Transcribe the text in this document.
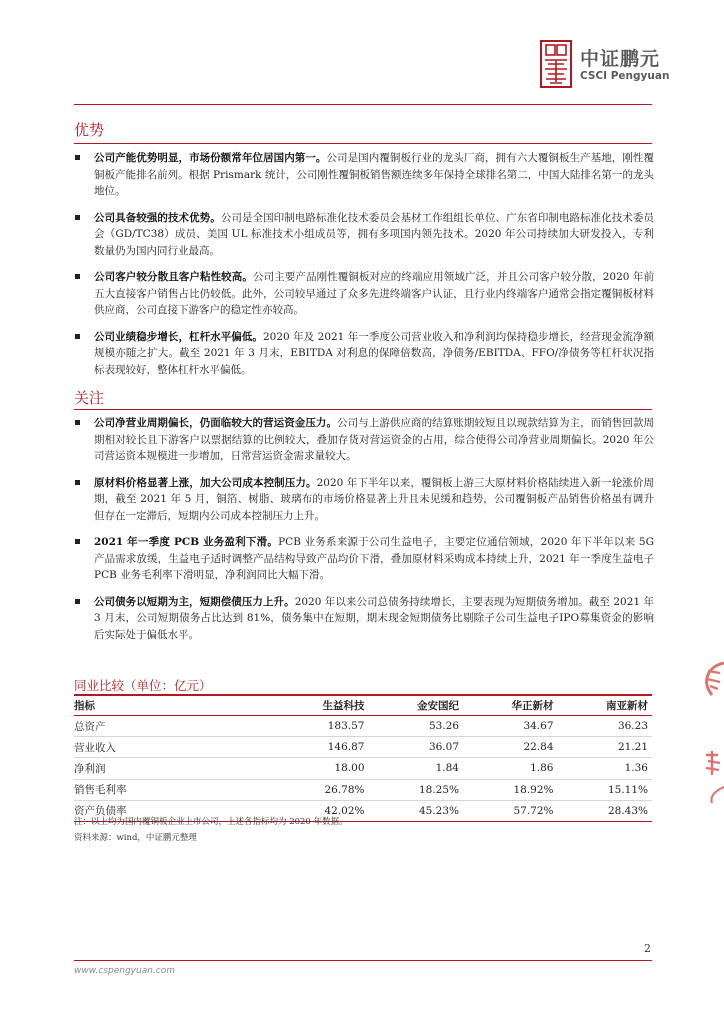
中证鹏元
CSCI Pengyuan
优势
公司产能优势明显，市场份额常年位居国内第一。公司是国内覆铜板行业的龙头厂商，拥有六大覆铜板生产基地，刚性覆铜板产能排名前列。根据 Prismark 统计，公司刚性覆铜板销售额连续多年保持全球排名第二，中国大陆排名第一的龙头地位。
公司具备较强的技术优势。公司是全国印制电路标准化技术委员会基材工作组组长单位、广东省印制电路标准化技术委员会（GD/TC38）成员、美国 UL 标准技术小组成员等，拥有多项国内领先技术。2020 年公司持续加大研发投入，专利数量仍为国内同行业最高。
公司客户较分散且客户粘性较高。公司主要产品刚性覆铜板对应的终端应用领域广泛，并且公司客户较分散，2020 年前五大直接客户销售占比仍较低。此外，公司较早通过了众多先进终端客户认证，且行业内终端客户通常会指定覆铜板材料供应商，公司直接下游客户的稳定性亦较高。
公司业绩稳步增长，杠杆水平偏低。2020 年及 2021 年一季度公司营业收入和净利润均保持稳步增长，经营现金流净额规模亦随之扩大。截至 2021 年 3 月末，EBITDA 对利息的保障倍数高，净债务/EBITDA、FFO/净债务等杠杆状况指标表现较好，整体杠杆水平偏低。
关注
公司净营业周期偏长，仍面临较大的营运资金压力。公司与上游供应商的结算账期较短且以现款结算为主，而销售回款周期相对较长且下游客户以票据结算的比例较大，叠加存货对营运资金的占用，综合使得公司净营业周期偏长。2020 年公司营运资本规模进一步增加，日常营运资金需求量较大。
原材料价格显著上涨，加大公司成本控制压力。2020 年下半年以来，覆铜板上游三大原材料价格陆续进入新一轮涨价周期，截至 2021 年 5 月，铜箔、树脂、玻璃布的市场价格显著上升且未见缓和趋势，公司覆铜板产品销售价格虽有调升但存在一定滞后，短期内公司成本控制压力上升。
2021 年一季度 PCB 业务盈利下滑。PCB 业务系来源于公司生益电子，主要定位通信领域，2020 年下半年以来 5G 产品需求放缓，生益电子适时调整产品结构导致产品均价下滑，叠加原材料采购成本持续上升，2021 年一季度生益电子 PCB 业务毛利率下滑明显，净利润同比大幅下滑。
公司债务以短期为主，短期偿债压力上升。2020 年以来公司总债务持续增长，主要表现为短期债务增加。截至 2021 年 3 月末，公司短期债务占比达到 81%，债务集中在短期，期末现金短期债务比剔除子公司生益电子IPO募集资金的影响后实际处于偏低水平。
同业比较（单位：亿元）
指标	生益科技	金安国纪	华正新材	南亚新材
总资产	183.57	53.26	34.67	36.23
营业收入	146.87	36.07	22.84	21.21
净利润	18.00	1.84	1.86	1.36
销售毛利率	26.78%	18.25%	18.92%	15.11%
资产负债率	42.02%	45.23%	57.72%	28.43%
注：以上均为国内覆铜板企业上市公司，上述各指标均为 2020 年数据。
资料来源：wind，中证鹏元整理
2
www.cspengyuan.com
